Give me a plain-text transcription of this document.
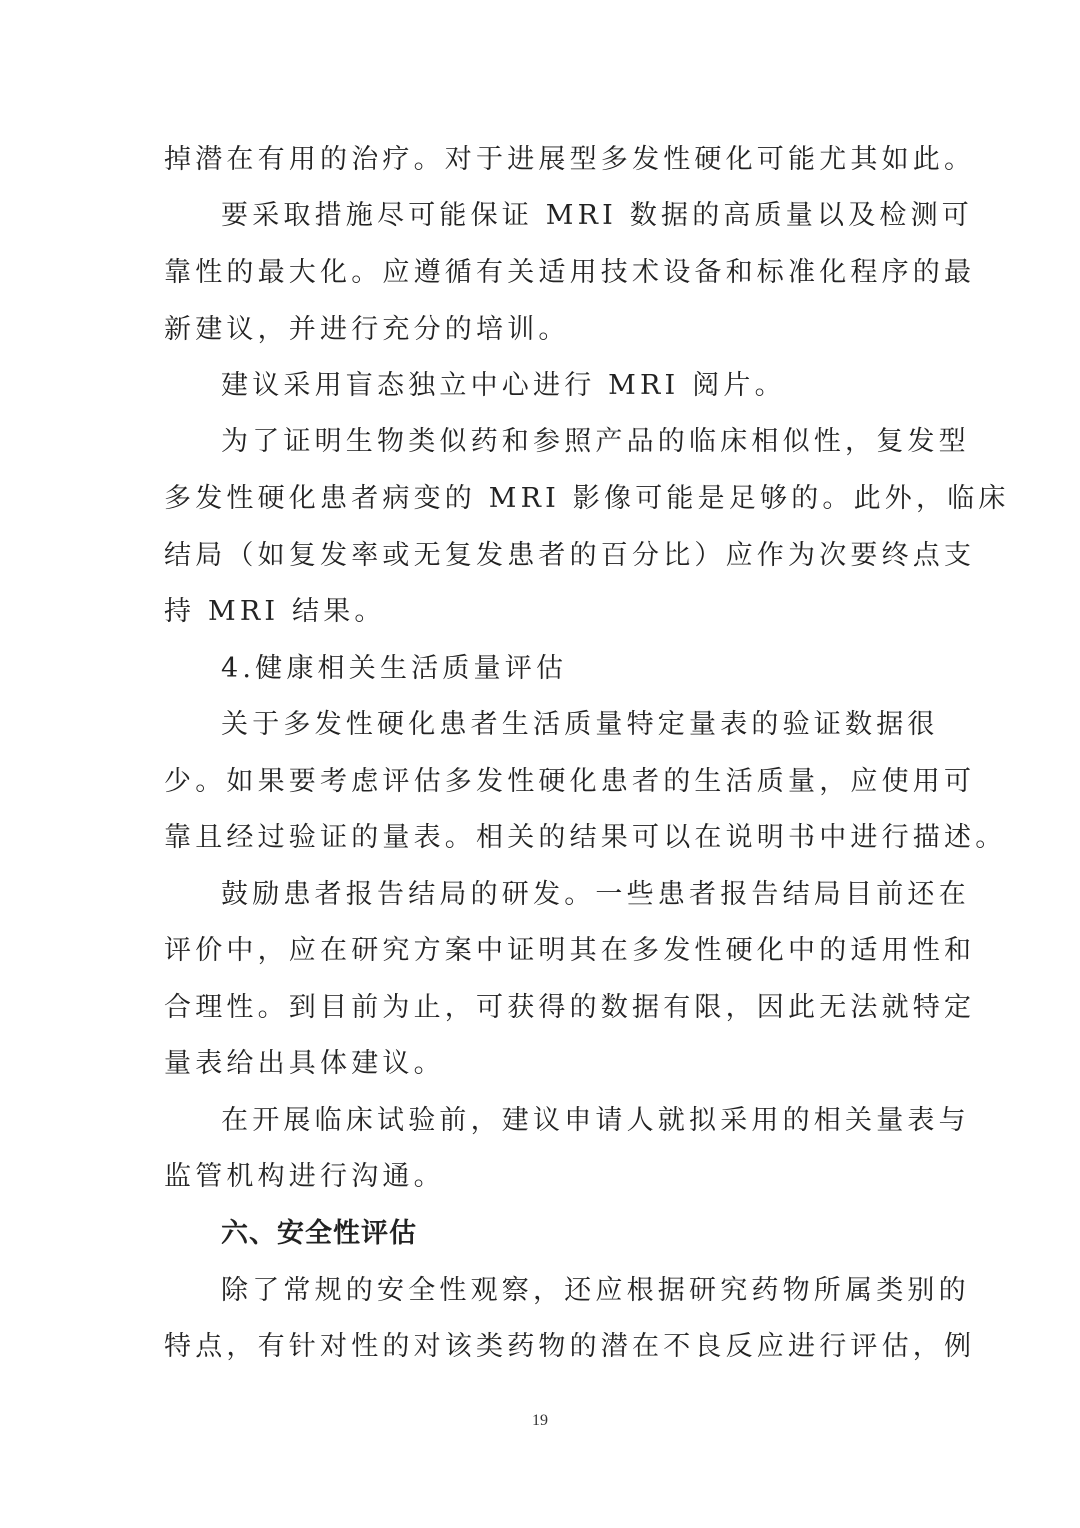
掉潜在有用的治疗。对于进展型多发性硬化可能尤其如此。
要采取措施尽可能保证 MRI 数据的高质量以及检测可
靠性的最大化。应遵循有关适用技术设备和标准化程序的最
新建议，并进行充分的培训。
建议采用盲态独立中心进行 MRI 阅片。
为了证明生物类似药和参照产品的临床相似性，复发型
多发性硬化患者病变的 MRI 影像可能是足够的。此外，临床
结局（如复发率或无复发患者的百分比）应作为次要终点支
持 MRI 结果。
4.健康相关生活质量评估
关于多发性硬化患者生活质量特定量表的验证数据很
少。如果要考虑评估多发性硬化患者的生活质量，应使用可
靠且经过验证的量表。相关的结果可以在说明书中进行描述。
鼓励患者报告结局的研发。一些患者报告结局目前还在
评价中，应在研究方案中证明其在多发性硬化中的适用性和
合理性。到目前为止，可获得的数据有限，因此无法就特定
量表给出具体建议。
在开展临床试验前，建议申请人就拟采用的相关量表与
监管机构进行沟通。
六、安全性评估
除了常规的安全性观察，还应根据研究药物所属类别的
特点，有针对性的对该类药物的潜在不良反应进行评估，例
19
